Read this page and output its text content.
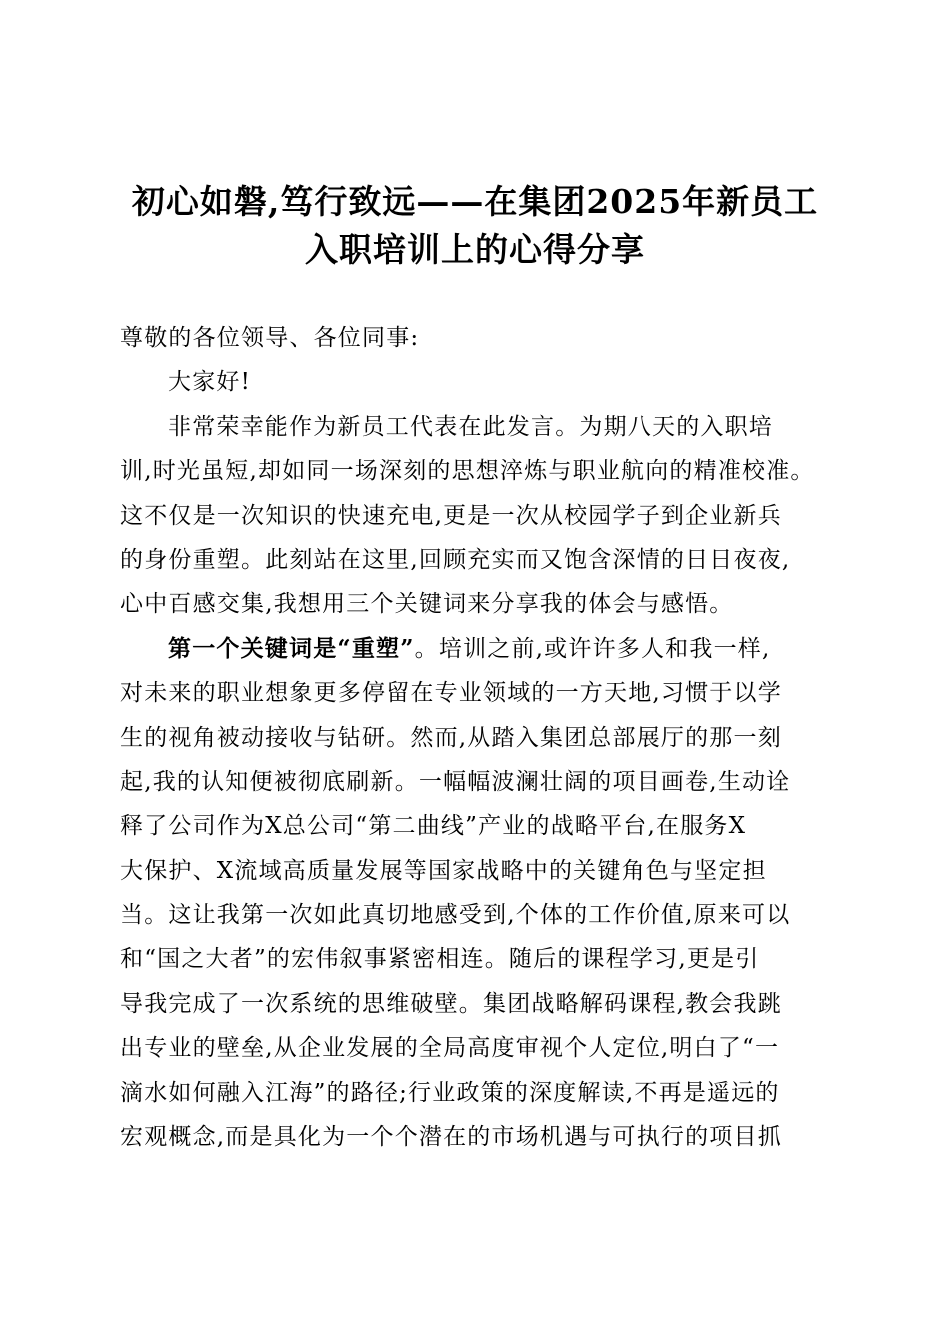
初心如磐,笃行致远——在集团2025年新员工
入职培训上的心得分享
尊敬的各位领导、各位同事:
大家好!
非常荣幸能作为新员工代表在此发言。为期八天的入职培
训,时光虽短,却如同一场深刻的思想淬炼与职业航向的精准校准。
这不仅是一次知识的快速充电,更是一次从校园学子到企业新兵
的身份重塑。此刻站在这里,回顾充实而又饱含深情的日日夜夜,
心中百感交集,我想用三个关键词来分享我的体会与感悟。
第一个关键词是“重塑”。培训之前,或许许多人和我一样,
对未来的职业想象更多停留在专业领域的一方天地,习惯于以学
生的视角被动接收与钻研。然而,从踏入集团总部展厅的那一刻
起,我的认知便被彻底刷新。一幅幅波澜壮阔的项目画卷,生动诠
释了公司作为X总公司“第二曲线”产业的战略平台,在服务X
大保护、X流域高质量发展等国家战略中的关键角色与坚定担
当。这让我第一次如此真切地感受到,个体的工作价值,原来可以
和“国之大者”的宏伟叙事紧密相连。随后的课程学习,更是引
导我完成了一次系统的思维破壁。集团战略解码课程,教会我跳
出专业的壁垒,从企业发展的全局高度审视个人定位,明白了“一
滴水如何融入江海”的路径;行业政策的深度解读,不再是遥远的
宏观概念,而是具化为一个个潜在的市场机遇与可执行的项目抓
